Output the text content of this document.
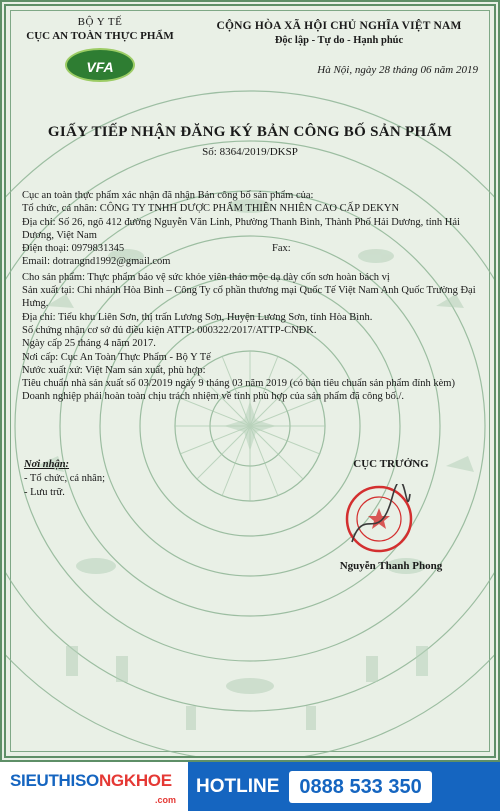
BỘ Y TẾ
CỤC AN TOÀN THỰC PHẨM
VFA
CỘNG HÒA XÃ HỘI CHỦ NGHĨA VIỆT NAM
Độc lập - Tự do - Hạnh phúc
Hà Nội, ngày 28 tháng 06 năm 2019
GIẤY TIẾP NHẬN ĐĂNG KÝ BẢN CÔNG BỐ SẢN PHẨM
Số: 8364/2019/DKSP

Cục an toàn thực phẩm xác nhận đã nhận Bản công bố sản phẩm của:

Tổ chức, cá nhân: CÔNG TY TNHH DƯỢC PHẨM THIÊN NHIÊN CAO CẤP DEKYN

Địa chỉ: Số 26, ngõ 412 đường Nguyễn Văn Linh, Phường Thanh Bình, Thành Phố Hải Dương, tỉnh Hải Dương, Việt Nam

Điện thoại: 0979831345	Fax:

Email: dotrangnd1992@gmail.com

Cho sản phẩm: Thực phẩm bảo vệ sức khỏe viên thảo mộc dạ dày cốn sơn hoàn bách vị

Sản xuất tại: Chi nhánh Hòa Bình – Công Ty cổ phần thương mại Quốc Tế Việt Nam Anh Quốc Trường Đại Hưng.

Địa chỉ: Tiểu khu Liên Sơn, thị trấn Lương Sơn, Huyện Lương Sơn, tỉnh Hòa Bình.

Số chứng nhận cơ sở đủ điều kiện ATTP: 000322/2017/ATTP-CNĐK.

Ngày cấp 25 tháng 4 năm 2017.

Nơi cấp: Cục An Toàn Thực Phẩm - Bộ Y Tế

Nước xuất xứ: Việt Nam sản xuất, phù hợp:

Tiêu chuẩn nhà sản xuất số 03/2019 ngày 9 tháng 03 năm 2019 (có bản tiêu chuẩn sản phẩm đính kèm)

Doanh nghiệp phải hoàn toàn chịu trách nhiệm về tính phù hợp của sản phẩm đã công bố./.

Nơi nhận:
- Tổ chức, cá nhân;
- Lưu trữ.
CỤC TRƯỞNG
Nguyễn Thanh Phong
SIEUTHISONGKHOE
.com
HOTLINE	0888 533 350
